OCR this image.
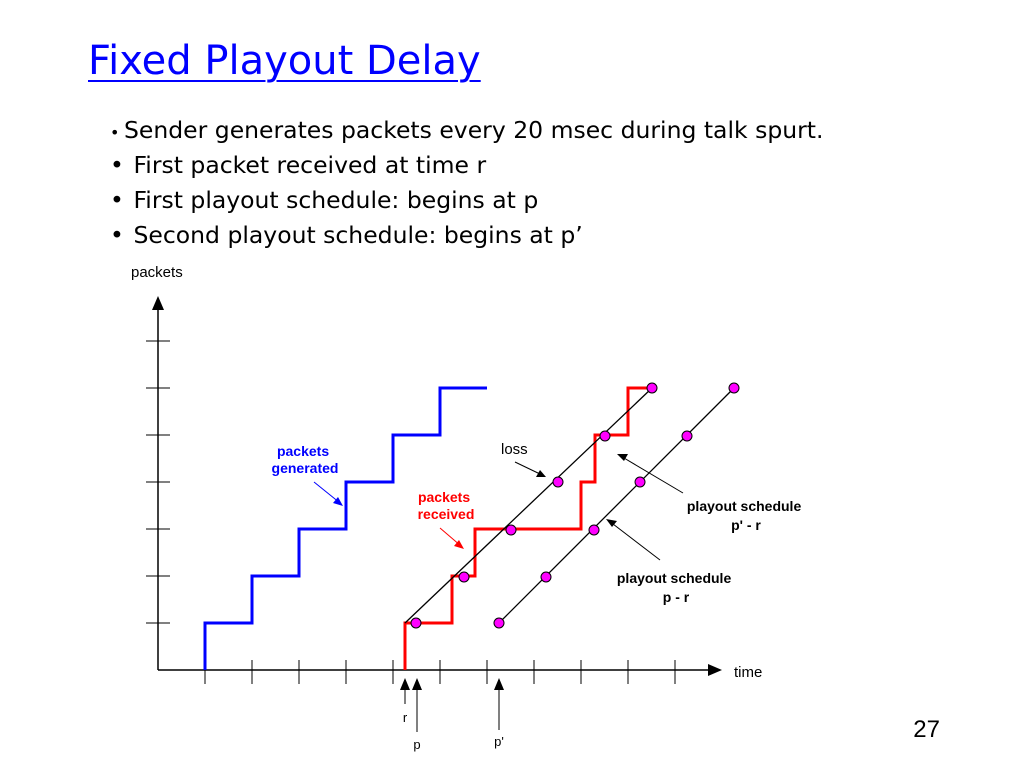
Fixed Playout Delay
• Sender generates packets every 20 msec during talk spurt.
• First packet received at time r
• First playout schedule: begins at p
• Second playout schedule: begins at p’
packets
time
packets generated
packets received
loss
playout schedule p' - r
playout schedule p - r
r
p	p'	27
